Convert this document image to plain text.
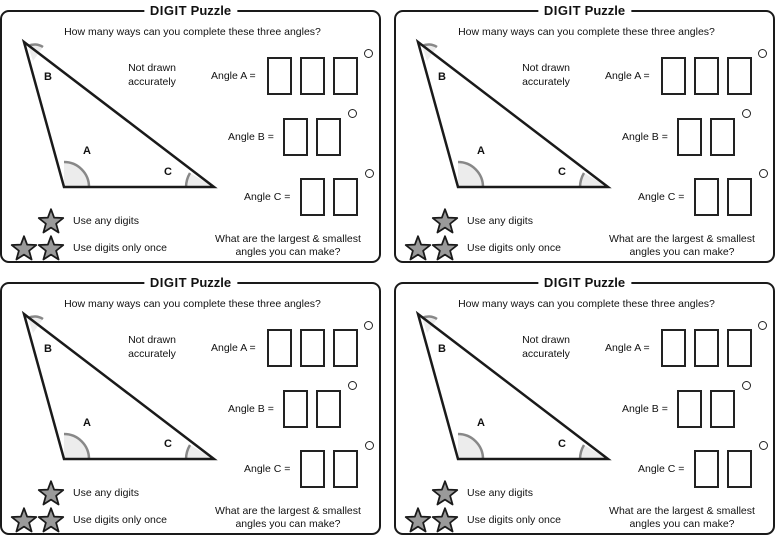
DIGIT Puzzle
How many ways can you complete these three angles?
B
A
C
Not drawn
accurately	Angle A =
Angle B =
Angle C =
Use any digits
Use digits only once
What are the largest & smallest
angles you can make?
DIGIT Puzzle
How many ways can you complete these three angles?
B
A
C
Not drawn
accurately	Angle A =
Angle B =
Angle C =
Use any digits
Use digits only once
What are the largest & smallest
angles you can make?
DIGIT Puzzle
How many ways can you complete these three angles?
B
A
C
Not drawn
accurately	Angle A =
Angle B =
Angle C =
Use any digits
Use digits only once
What are the largest & smallest
angles you can make?
DIGIT Puzzle
How many ways can you complete these three angles?
B
A
C
Not drawn
accurately	Angle A =
Angle B =
Angle C =
Use any digits
Use digits only once
What are the largest & smallest
angles you can make?
